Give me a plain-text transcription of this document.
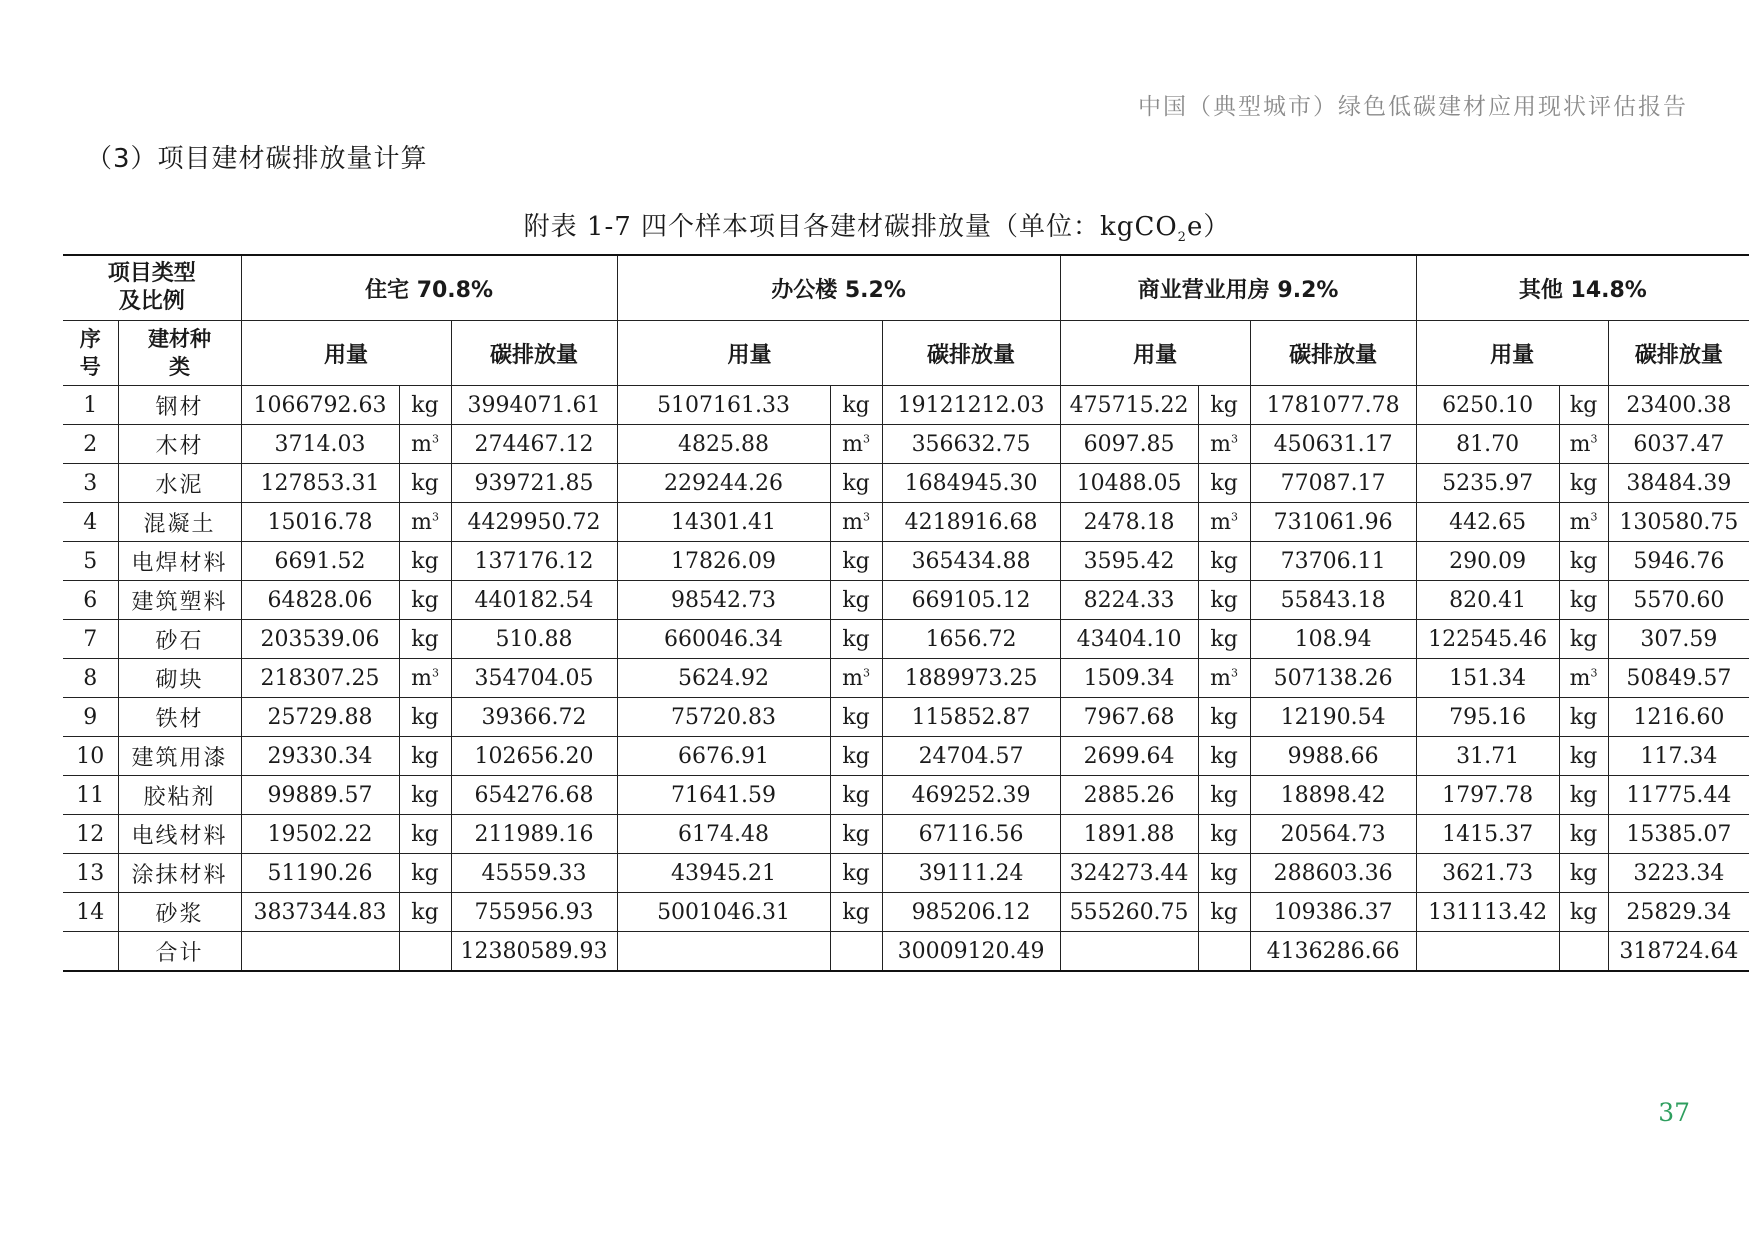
中国（典型城市）绿色低碳建材应用现状评估报告
（3）项目建材碳排放量计算
附表 1-7 四个样本项目各建材碳排放量（单位：kgCO$_2$e）
项目类型
及比例		住宅 70.8%			办公楼 5.2%			商业营业用房 9.2%			其他 14.8%		
序
号	建材种
类	用量		碳排放量	用量		碳排放量	用量		碳排放量	用量		碳排放量
1	钢材	1066792.63	kg	3994071.61	5107161.33	kg	19121212.03	475715.22	kg	1781077.78	6250.10	kg	23400.38
2	木材	3714.03	$m^3$	274467.12	4825.88	$m^3$	356632.75	6097.85	$m^3$	450631.17	81.70	$m^3$	6037.47
3	水泥	127853.31	kg	939721.85	229244.26	kg	1684945.30	10488.05	kg	77087.17	5235.97	kg	38484.39
4	混凝土	15016.78	$m^3$	4429950.72	14301.41	$m^3$	4218916.68	2478.18	$m^3$	731061.96	442.65	$m^3$	130580.75
5	电焊材料	6691.52	kg	137176.12	17826.09	kg	365434.88	3595.42	kg	73706.11	290.09	kg	5946.76
6	建筑塑料	64828.06	kg	440182.54	98542.73	kg	669105.12	8224.33	kg	55843.18	820.41	kg	5570.60
7	砂石	203539.06	kg	510.88	660046.34	kg	1656.72	43404.10	kg	108.94	122545.46	kg	307.59
8	砌块	218307.25	$m^3$	354704.05	5624.92	$m^3$	1889973.25	1509.34	$m^3$	507138.26	151.34	$m^3$	50849.57
9	铁材	25729.88	kg	39366.72	75720.83	kg	115852.87	7967.68	kg	12190.54	795.16	kg	1216.60
10	建筑用漆	29330.34	kg	102656.20	6676.91	kg	24704.57	2699.64	kg	9988.66	31.71	kg	117.34
11	胶粘剂	99889.57	kg	654276.68	71641.59	kg	469252.39	2885.26	kg	18898.42	1797.78	kg	11775.44
12	电线材料	19502.22	kg	211989.16	6174.48	kg	67116.56	1891.88	kg	20564.73	1415.37	kg	15385.07
13	涂抹材料	51190.26	kg	45559.33	43945.21	kg	39111.24	324273.44	kg	288603.36	3621.73	kg	3223.34
14	砂浆	3837344.83	kg	755956.93	5001046.31	kg	985206.12	555260.75	kg	109386.37	131113.42	kg	25829.34
	合计			12380589.93			30009120.49			4136286.66			318724.64
37
